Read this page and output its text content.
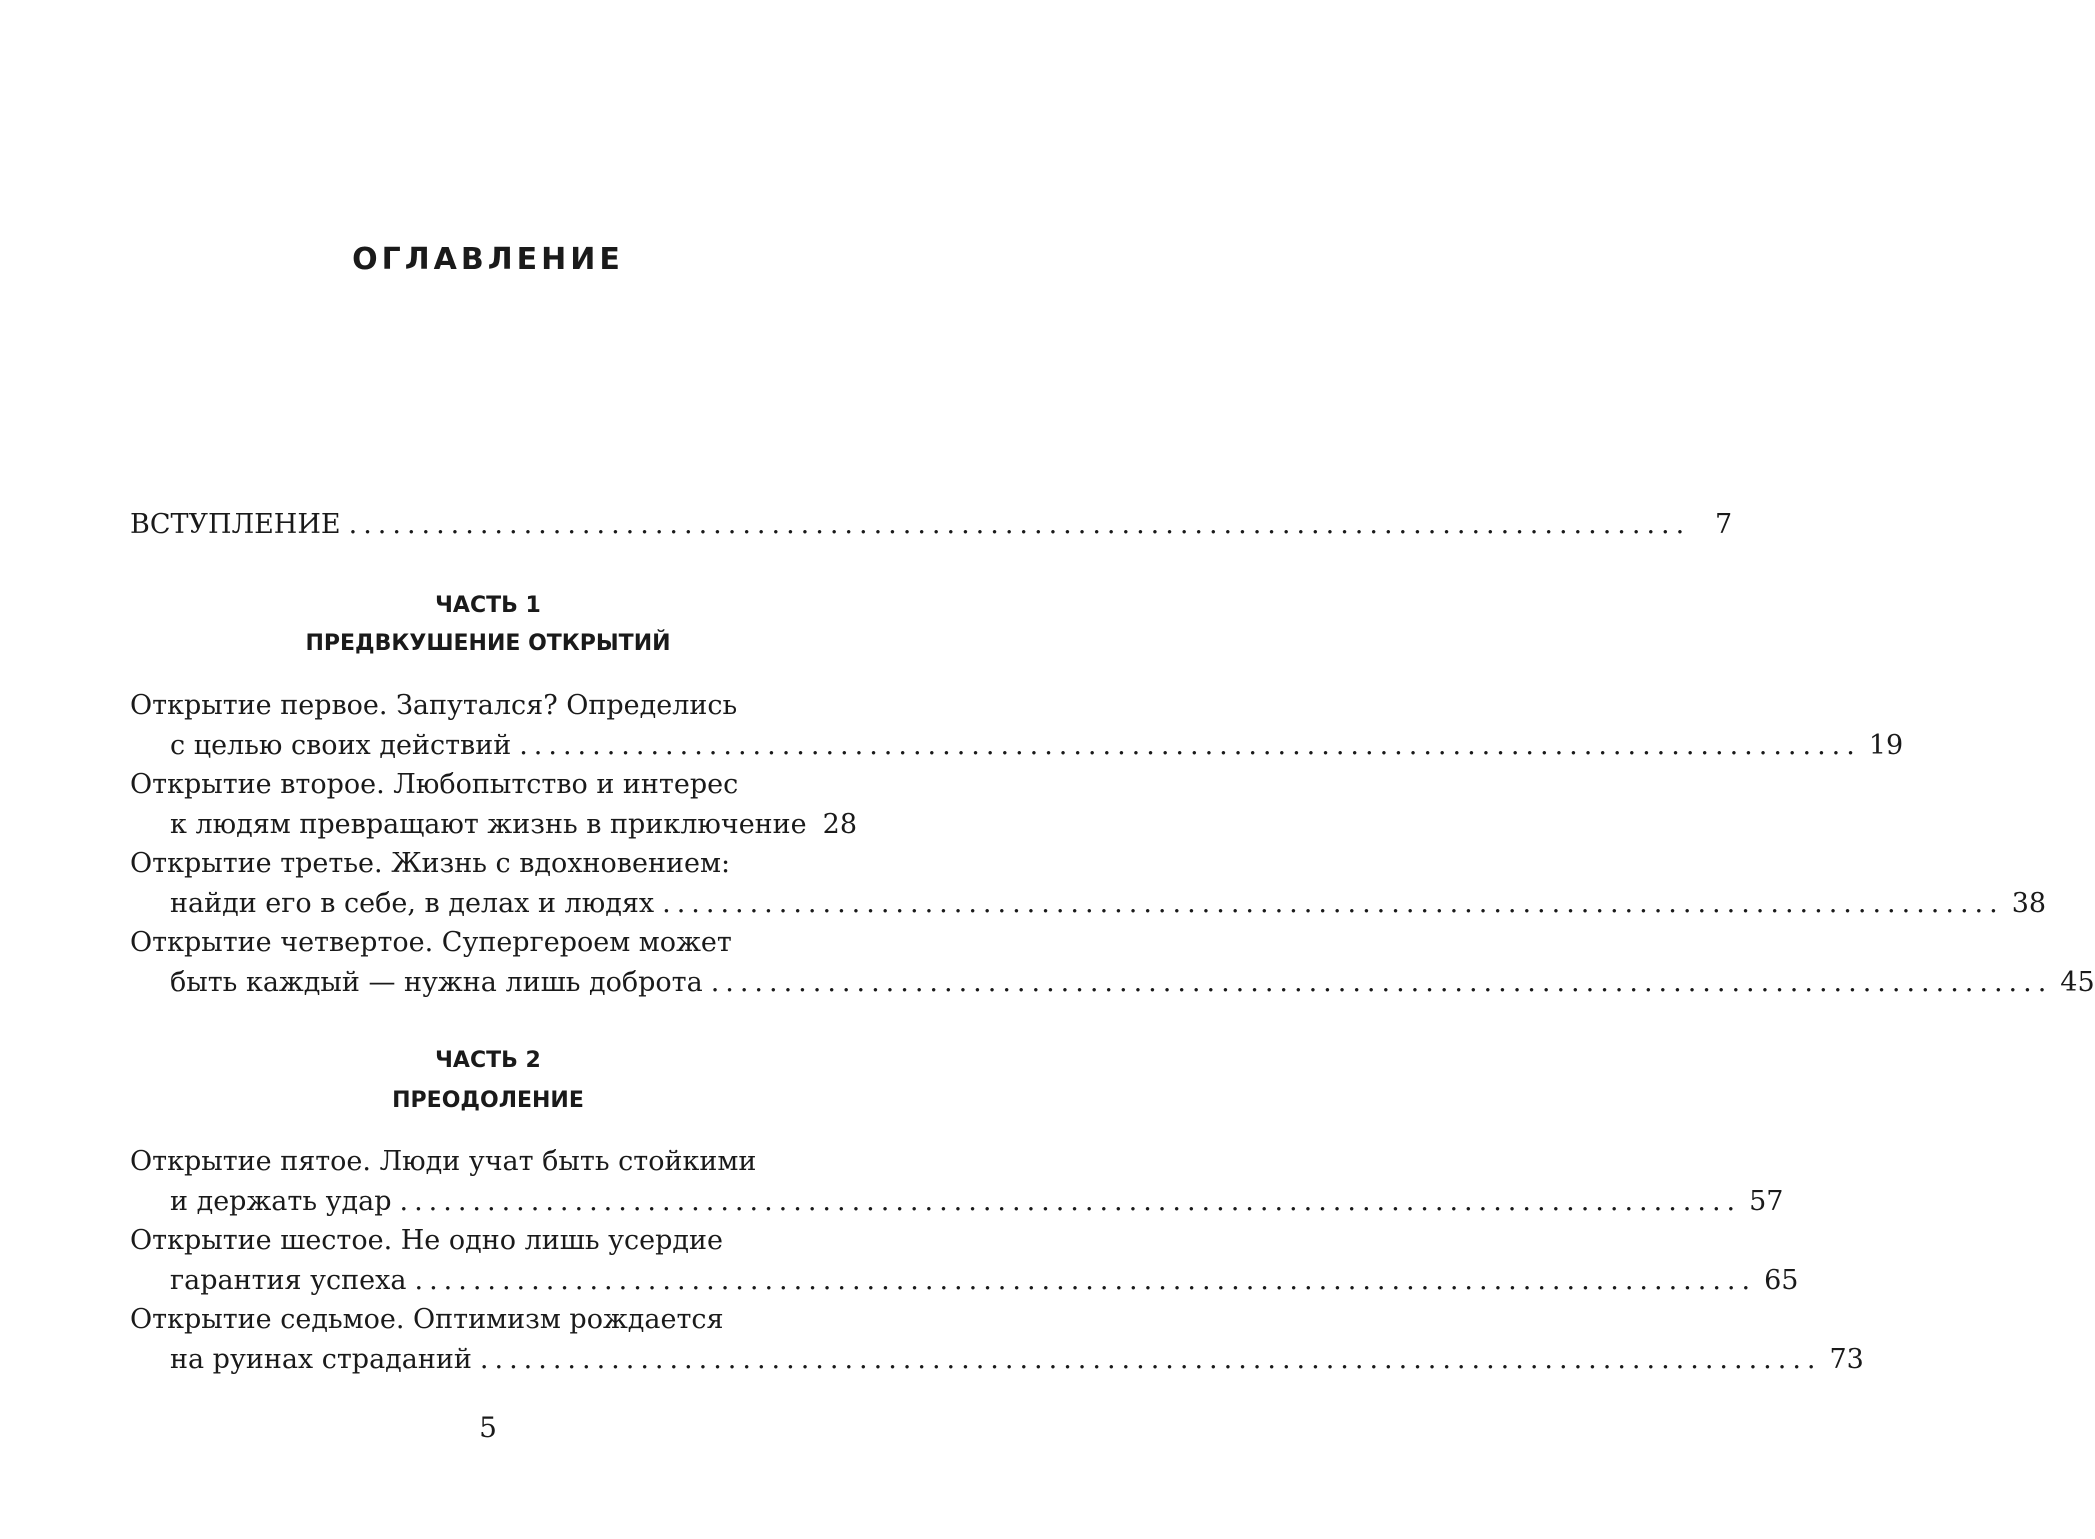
ОГЛАВЛЕНИЕ
ВСТУПЛЕНИЕ ............................................................................................ 7
ЧАСТЬ 1
ПРЕДВКУШЕНИЕ ОТКРЫТИЙ
Открытие первое. Запутался? Определись
с целью своих действий ............................................................................................ 19
Открытие второе. Любопытство и интерес
к людям превращают жизнь в приключение 28
Открытие третье. Жизнь с вдохновением:
найди его в себе, в делах и людях ............................................................................................ 38
Открытие четвертое. Супергероем может
быть каждый — нужна лишь доброта ............................................................................................ 45
ЧАСТЬ 2
ПРЕОДОЛЕНИЕ
Открытие пятое. Люди учат быть стойкими
и держать удар ............................................................................................ 57
Открытие шестое. Не одно лишь усердие
гарантия успеха ............................................................................................ 65
Открытие седьмое. Оптимизм рождается
на руинах страданий ............................................................................................ 73
5
